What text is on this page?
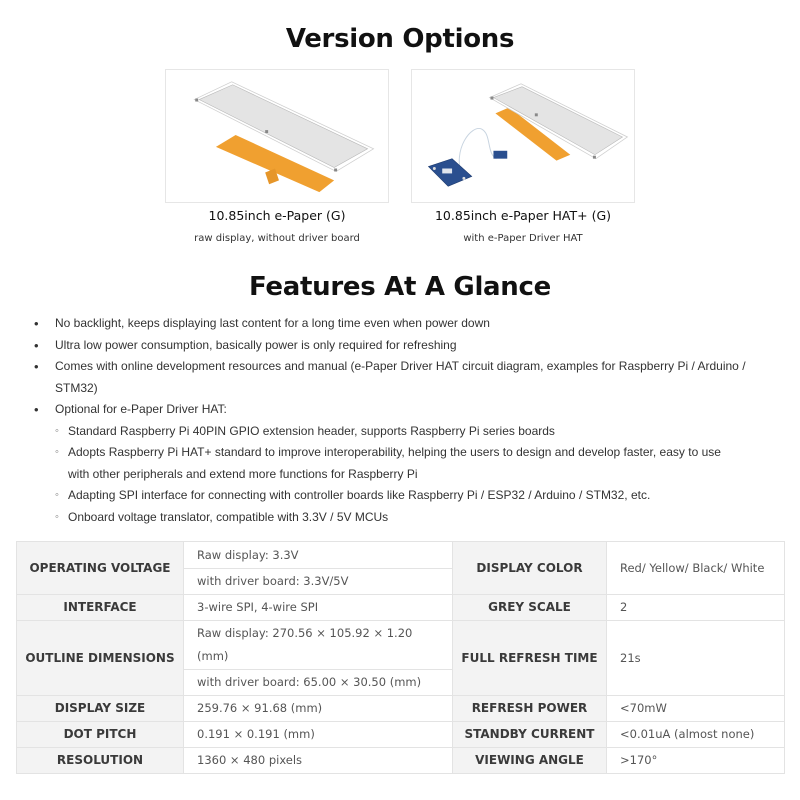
Version Options
10.85inch e-Paper (G)
raw display, without driver board
10.85inch e-Paper HAT+ (G)
with e-Paper Driver HAT
Features At A Glance
• No backlight, keeps displaying last content for a long time even when power down
• Ultra low power consumption, basically power is only required for refreshing
• Comes with online development resources and manual (e-Paper Driver HAT circuit diagram, examples for Raspberry Pi / Arduino / STM32)
• Optional for e-Paper Driver HAT:
◦ Standard Raspberry Pi 40PIN GPIO extension header, supports Raspberry Pi series boards
◦ Adopts Raspberry Pi HAT+ standard to improve interoperability, helping the users to design and develop faster, easy to use with other peripherals and extend more functions for Raspberry Pi
◦ Adapting SPI interface for connecting with controller boards like Raspberry Pi / ESP32 / Arduino / STM32, etc.
◦ Onboard voltage translator, compatible with 3.3V / 5V MCUs
OPERATING VOLTAGE	Raw display: 3.3V	DISPLAY COLOR	Red/ Yellow/ Black/ White
	with driver board: 3.3V/5V		
INTERFACE	3-wire SPI, 4-wire SPI	GREY SCALE	2
OUTLINE DIMENSIONS	Raw display: 270.56 × 105.92 × 1.20 (mm)	FULL REFRESH TIME	21s
	with driver board: 65.00 × 30.50 (mm)		
DISPLAY SIZE	259.76 × 91.68 (mm)	REFRESH POWER	<70mW
DOT PITCH	0.191 × 0.191 (mm)	STANDBY CURRENT	<0.01uA (almost none)
RESOLUTION	1360 × 480 pixels	VIEWING ANGLE	>170°
